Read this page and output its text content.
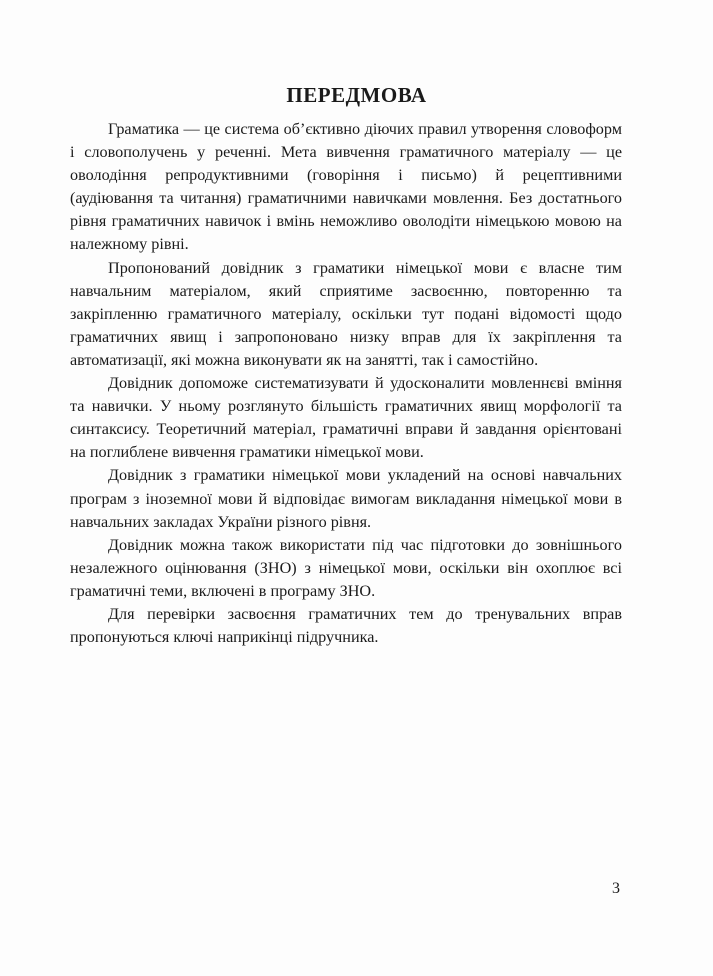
ПЕРЕДМОВА

Граматика — це система об’єктивно діючих правил утворення словоформ і словополучень у реченні. Мета вивчення граматичного матеріалу — це оволодіння репродуктивними (говоріння і письмо) й рецептивними (аудіювання та читання) граматичними навичками мовлення. Без достатнього рівня граматичних навичок і вмінь неможливо оволодіти німецькою мовою на належному рівні.

Пропонований довідник з граматики німецької мови є власне тим навчальним матеріалом, який сприятиме засвоєнню, повторенню та закріпленню граматичного матеріалу, оскільки тут подані відомості щодо граматичних явищ і запропоновано низку вправ для їх закріплення та автоматизації, які можна виконувати як на занятті, так і самостійно.

Довідник допоможе систематизувати й удосконалити мовленнєві вміння та навички. У ньому розглянуто більшість граматичних явищ морфології та синтаксису. Теоретичний матеріал, граматичні вправи й завдання орієнтовані на поглиблене вивчення граматики німецької мови.

Довідник з граматики німецької мови укладений на основі навчальних програм з іноземної мови й відповідає вимогам викладання німецької мови в навчальних закладах України різного рівня.

Довідник можна також використати під час підготовки до зовнішнього незалежного оцінювання (ЗНО) з німецької мови, оскільки він охоплює всі граматичні теми, включені в програму ЗНО.

Для перевірки засвоєння граматичних тем до тренувальних вправ пропонуються ключі наприкінці підручника.

3
